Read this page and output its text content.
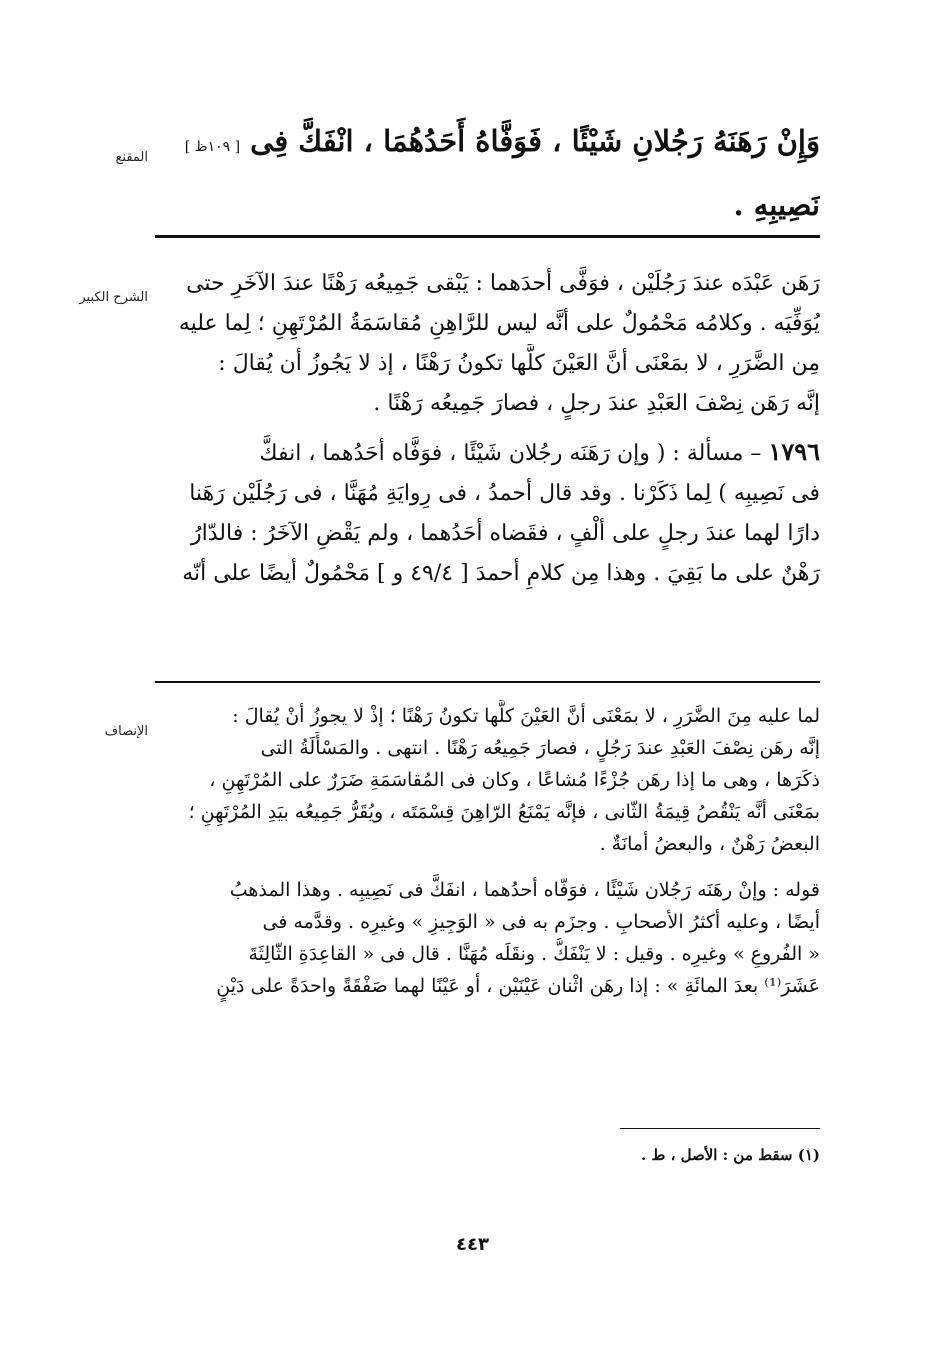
المقنع	وَإِنْ رَهَنَهُ رَجُلانِ شَيْئًا ، فَوَفَّاهُ أَحَدُهُمَا ، انْفَكَّ فِى [ ١٠٩ظ ]
نَصِيبِهِ .
الشرح الكبير
رَهَن عَبْدَه عندَ رَجُلَيْن ، فوَفَّى أحدَهما : يَبْقى جَمِيعُه رَهْنًا عندَ الآخَرِ حتى
يُوَفِّيَه . وكلامُه مَحْمُولٌ على أنَّه ليس للرَّاهِنِ مُقاسَمَةُ المُرْتَهِنِ ؛ لِما عليه
مِن الضَّرَرِ ، لا بمَعْنَى أنَّ العَيْنَ كلَّها تكونُ رَهْنًا ، إذ لا يَجُوزُ أن يُقالَ :
إنَّه رَهَن نِصْفَ العَبْدِ عندَ رجلٍ ، فصارَ جَمِيعُه رَهْنًا .
١٧٩٦ – مسألة : ( وإن رَهَنَه رجُلان شَيْئًا ، فوَفَّاه أحَدُهما ، انفكَّ
فى نَصِيبِه ) لِما ذَكَرْنا . وقد قال أحمدُ ، فى رِوايَةِ مُهَنَّا ، فى رَجُلَيْن رَهَنا
دارًا لهما عندَ رجلٍ على ألْفٍ ، فقَضاه أحَدُهما ، ولم يَقْضِ الآخَرُ : فالدّارُ
رَهْنٌ على ما بَقِيَ . وهذا مِن كلامِ أحمدَ [ ٤٩/٤ و ] مَحْمُولٌ أيضًا على أنّه
الإنصاف
لما عليه مِنَ الضَّرَرِ ، لا بمَعْنَى أنَّ العَيْنَ كلَّها تكونُ رَهْنًا ؛ إذْ لا يجوزُ أنْ يُقالَ :
إنَّه رهَن نِصْفَ العَبْدِ عندَ رَجُلٍ ، فصارَ جَمِيعُه رَهْنًا . انتهى . والمَسْأَلَةُ التى
ذكَرَها ، وهى ما إذا رهَن جُزْءًا مُشاعًا ، وكان فى المُقاسَمَةِ ضَرَرٌ على المُرْتَهِنِ ،
بمَعْنَى أنَّه يَنْقُصُ قِيمَةُ الثّانى ، فإنَّه يَمْنَعُ الرّاهِنَ قِسْمَتَه ، ويُقَرُّ جَمِيعُه بيَدِ المُرْتَهِنِ ؛
البعضُ رَهْنٌ ، والبعضُ أمانَةٌ .
قوله : وإنْ رهَنَه رَجُلان شَيْئًا ، فوَفّاه أحدُهما ، انفَكَّ فى نَصِيبِه . وهذا المذهبُ
أيضًا ، وعليه أكثرُ الأصحابِ . وجزَم به فى « الوَجِيزِ » وغيرِه . وقدَّمه فى
« الفُروعِ » وغيرِه . وقيل : لا يَنْفَكُّ . ونقَلَه مُهَنَّا . قال فى « القاعِدَةِ الثّالِثَةَ
عَشَرَ⁽¹⁾ بعدَ المائَةِ » : إذا رهَن اثْنان عَيْنَيْن ، أو عَيْنًا لهما صَفْقَةً واحدَةً على دَيْنٍ
(١) سقط من : الأصل ، ط .
٤٤٣
